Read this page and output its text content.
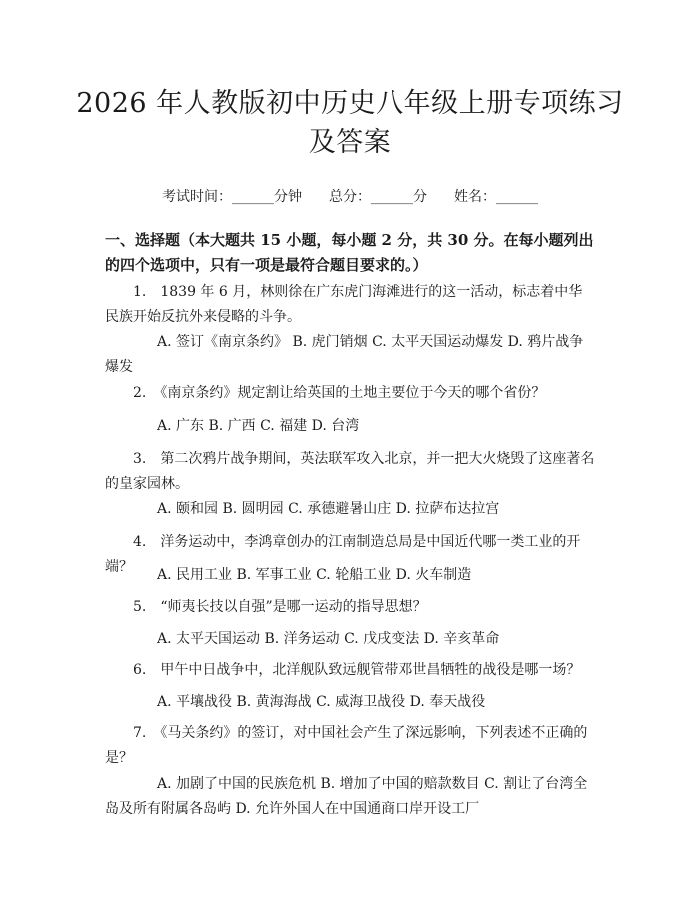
2026 年人教版初中历史八年级上册专项练习
及答案
考试时间：______分钟 总分：______分 姓名：______
一、选择题（本大题共 15 小题，每小题 2 分，共 30 分。在每小题列出的四个选项中，只有一项是最符合题目要求的。）
1.　1839 年 6 月，林则徐在广东虎门海滩进行的这一活动，标志着中华民族开始反抗外来侵略的斗争。
A. 签订《南京条约》 B. 虎门销烟 C. 太平天国运动爆发 D. 鸦片战争爆发
2.　《南京条约》规定割让给英国的土地主要位于今天的哪个省份？
A. 广东 B. 广西 C. 福建 D. 台湾
3.　第二次鸦片战争期间，英法联军攻入北京，并一把大火烧毁了这座著名的皇家园林。
A. 颐和园 B. 圆明园 C. 承德避暑山庄 D. 拉萨布达拉宫
4.　洋务运动中，李鸿章创办的江南制造总局是中国近代哪一类工业的开端？	A. 民用工业 B. 军事工业 C. 轮船工业 D. 火车制造
5.　“师夷长技以自强”是哪一运动的指导思想？
A. 太平天国运动 B. 洋务运动 C. 戊戌变法 D. 辛亥革命
6.　甲午中日战争中，北洋舰队致远舰管带邓世昌牺牲的战役是哪一场？
A. 平壤战役 B. 黄海海战 C. 威海卫战役 D. 奉天战役
7.　《马关条约》的签订，对中国社会产生了深远影响，下列表述不正确的是？
A. 加剧了中国的民族危机 B. 增加了中国的赔款数目 C. 割让了台湾全岛及所有附属各岛屿 D. 允许外国人在中国通商口岸开设工厂
